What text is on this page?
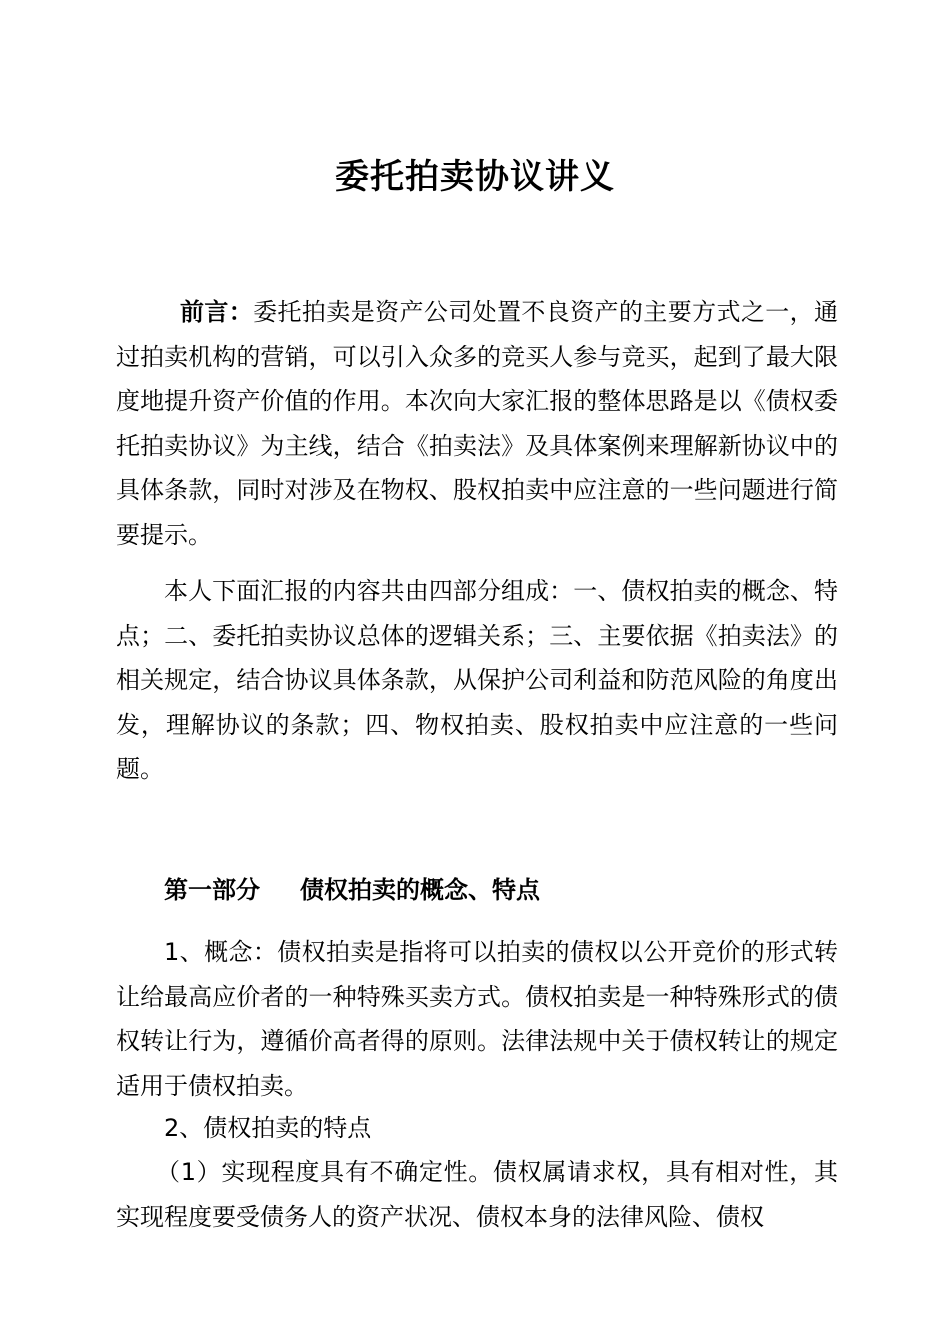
委托拍卖协议讲义

前言：委托拍卖是资产公司处置不良资产的主要方式之一，通过拍卖机构的营销，可以引入众多的竞买人参与竞买，起到了最大限度地提升资产价值的作用。本次向大家汇报的整体思路是以《债权委托拍卖协议》为主线，结合《拍卖法》及具体案例来理解新协议中的具体条款，同时对涉及在物权、股权拍卖中应注意的一些问题进行简要提示。

本人下面汇报的内容共由四部分组成：一、债权拍卖的概念、特点；二、委托拍卖协议总体的逻辑关系；三、主要依据《拍卖法》的相关规定，结合协议具体条款，从保护公司利益和防范风险的角度出发，理解协议的条款；四、物权拍卖、股权拍卖中应注意的一些问题。

第一部分 债权拍卖的概念、特点

1、概念：债权拍卖是指将可以拍卖的债权以公开竞价的形式转让给最高应价者的一种特殊买卖方式。债权拍卖是一种特殊形式的债权转让行为，遵循价高者得的原则。法律法规中关于债权转让的规定适用于债权拍卖。

2、债权拍卖的特点

（1）实现程度具有不确定性。债权属请求权，具有相对性，其实现程度要受债务人的资产状况、债权本身的法律风险、债权
